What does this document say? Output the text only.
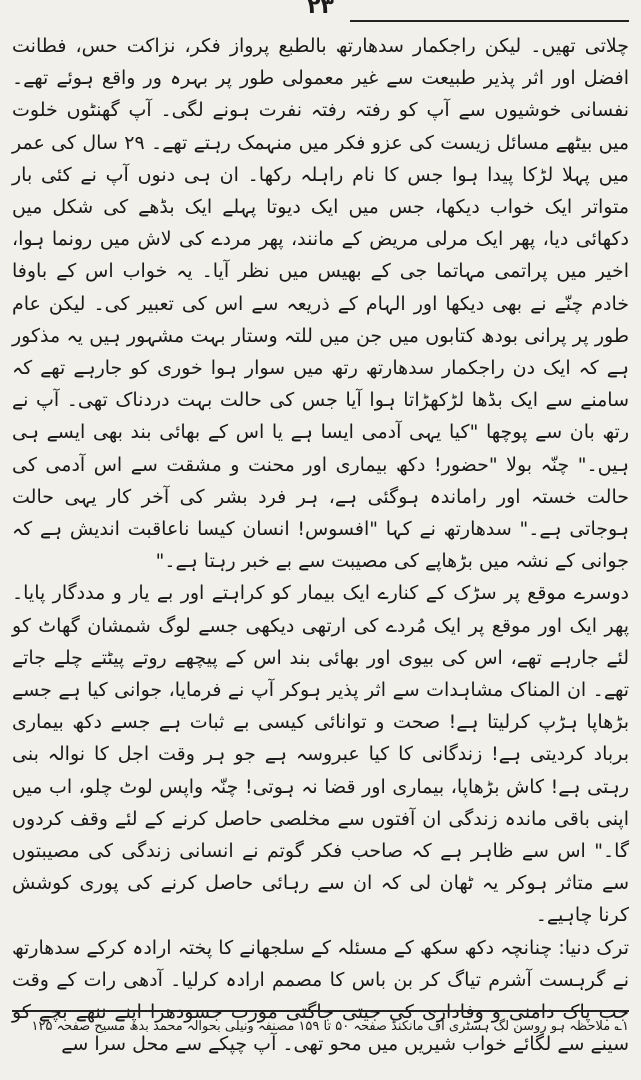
۲۳

چلاتی تھیں۔ لیکن راجکمار سدھارتھ بالطبع پرواز فکر، نزاکت حس، فطانت افضل اور اثر پذیر طبیعت سے غیر معمولی طور پر بہرہ ور واقع ہوئے تھے۔ نفسانی خوشیوں سے آپ کو رفتہ رفتہ نفرت ہونے لگی۔ آپ گھنٹوں خلوت میں بیٹھے مسائل زیست کی عزو فکر میں منہمک رہتے تھے۔ ۲۹ سال کی عمر میں پہلا لڑکا پیدا ہوا جس کا نام راہلہ رکھا۔ ان ہی دنوں آپ نے کئی بار متواتر ایک خواب دیکھا، جس میں ایک دیوتا پہلے ایک بڈھے کی شکل میں دکھائی دیا، پھر ایک مرلی مریض کے مانند، پھر مردے کی لاش میں رونما ہوا، اخیر میں پراتمی مہاتما جی کے بھیس میں نظر آیا۔ یہ خواب اس کے باوفا خادم چنّے نے بھی دیکھا اور الہام کے ذریعہ سے اس کی تعبیر کی۔ لیکن عام طور پر پرانی بودھ کتابوں میں جن میں للتہ وستار بہت مشہور ہیں یہ مذکور ہے کہ ایک دن راجکمار سدھارتھ رتھ میں سوار ہوا خوری کو جارہے تھے کہ سامنے سے ایک بڈھا لڑکھڑاتا ہوا آیا جس کی حالت بہت دردناک تھی۔ آپ نے رتھ بان سے پوچھا "کیا یہی آدمی ایسا ہے یا اس کے بھائی بند بھی ایسے ہی ہیں۔" چنّہ بولا "حضور! دکھ بیماری اور محنت و مشقت سے اس آدمی کی حالت خستہ اور راماندہ ہوگئی ہے، ہر فرد بشر کی آخر کار یہی حالت ہوجاتی ہے۔" سدھارتھ نے کہا "افسوس! انسان کیسا ناعاقبت اندیش ہے کہ جوانی کے نشہ میں بڑھاپے کی مصیبت سے بے خبر رہتا ہے۔"

دوسرے موقع پر سڑک کے کنارے ایک بیمار کو کراہتے اور بے یار و مددگار پایا۔ پھر ایک اور موقع پر ایک مُردے کی ارتھی دیکھی جسے لوگ شمشان گھاٹ کو لئے جارہے تھے، اس کی بیوی اور بھائی بند اس کے پیچھے روتے پیٹتے چلے جاتے تھے۔ ان المناک مشاہدات سے اثر پذیر ہوکر آپ نے فرمایا، جوانی کیا ہے جسے بڑھاپا ہڑپ کرلیتا ہے! صحت و توانائی کیسی بے ثبات ہے جسے دکھ بیماری برباد کردیتی ہے! زندگانی کا کیا عبروسہ ہے جو ہر وقت اجل کا نوالہ بنی رہتی ہے! کاش بڑھاپا، بیماری اور قضا نہ ہوتی! چنّہ واپس لوٹ چلو، اب میں اپنی باقی ماندہ زندگی ان آفتوں سے مخلصی حاصل کرنے کے لئے وقف کردوں گا۔" اس سے ظاہر ہے کہ صاحب فکر گوتم نے انسانی زندگی کی مصیبتوں سے متاثر ہوکر یہ ٹھان لی کہ ان سے رہائی حاصل کرنے کی پوری کوشش کرنا چاہیے۔

ترک دنیا: چنانچہ دکھ سکھ کے مسئلہ کے سلجھانے کا پختہ ارادہ کرکے سدھارتھ نے گرہست آشرم تیاگ کر بن باس کا مصمم ارادہ کرلیا۔ آدھی رات کے وقت جب پاک دامنی و وفاداری کی جیتی جاگتی مورت جسودھرا اپنے ننھے بچے کو سینے سے لگائے خواب شیریں میں محو تھی۔ آپ چپکے سے محل سرا سے

۱؎ ملاحظہ ہو روسن لگ ہسٹری آف مانکنڈ صفحہ ۵۰ تا ۱۵۹ مصنفہ ونیلی بحوالہ محمد بدھ مسیح صفحہ ۱۲۵
